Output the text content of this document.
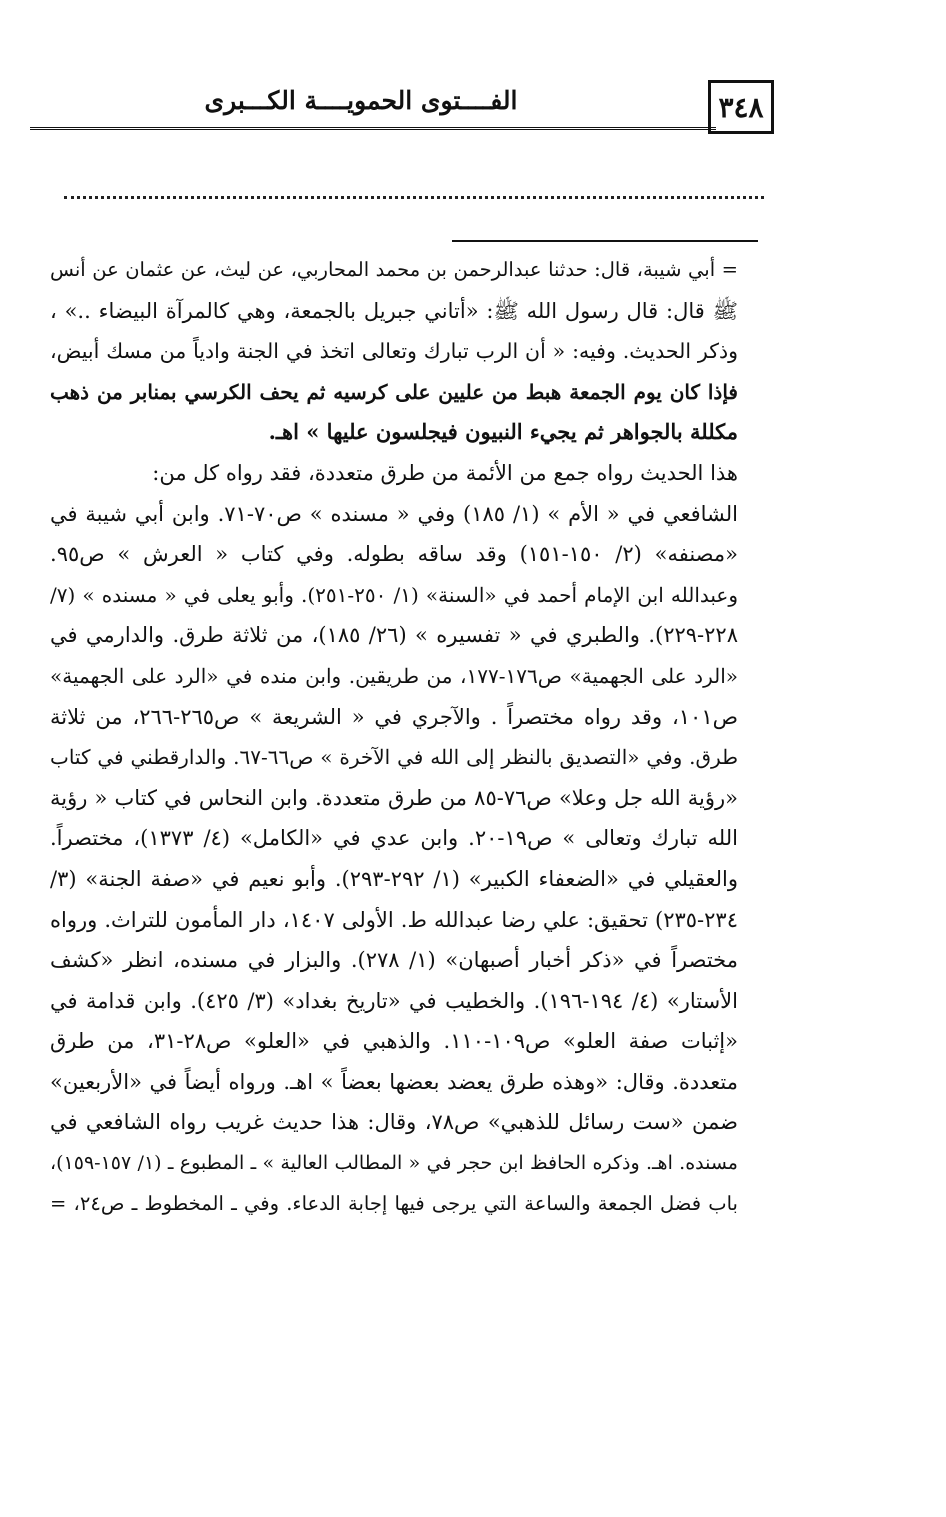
٣٤٨
الفــــتوى الحمويــــة الكـــبرى
= أبي شيبة، قال: حدثنا عبدالرحمن بن محمد المحاربي، عن ليث، عن عثمان عن أنس
ﷺ قال: قال رسول الله ﷺ: «أتاني جبريل بالجمعة، وهي كالمرآة البيضاء ..» ،
وذكر الحديث. وفيه: « أن الرب تبارك وتعالى اتخذ في الجنة وادياً من مسك أبيض،
فإذا كان يوم الجمعة هبط من عليين على كرسيه ثم يحف الكرسي بمنابر من ذهب
مكللة بالجواهر ثم يجيء النبيون فيجلسون عليها » اهـ.
هذا الحديث رواه جمع من الأئمة من طرق متعددة، فقد رواه كل من:
الشافعي في « الأم » (١/ ١٨٥) وفي « مسنده » ص٧٠-٧١. وابن أبي شيبة في
«مصنفه» (٢/ ١٥٠-١٥١) وقد ساقه بطوله. وفي كتاب « العرش » ص٩٥.
وعبدالله ابن الإمام أحمد في «السنة» (١/ ٢٥٠-٢٥١). وأبو يعلى في « مسنده » (٧/
٢٢٨-٢٢٩). والطبري في « تفسيره » (٢٦/ ١٨٥)، من ثلاثة طرق. والدارمي في
«الرد على الجهمية» ص١٧٦-١٧٧، من طريقين. وابن منده في «الرد على الجهمية»
ص١٠١، وقد رواه مختصراً . والآجري في « الشريعة » ص٢٦٥-٢٦٦، من ثلاثة
طرق. وفي «التصديق بالنظر إلى الله في الآخرة » ص٦٦-٦٧. والدارقطني في كتاب
«رؤية الله جل وعلا» ص٧٦-٨٥ من طرق متعددة. وابن النحاس في كتاب « رؤية
الله تبارك وتعالى » ص١٩-٢٠. وابن عدي في «الكامل» (٤/ ١٣٧٣)، مختصراً.
والعقيلي في «الضعفاء الكبير» (١/ ٢٩٢-٢٩٣). وأبو نعيم في «صفة الجنة» (٣/
٢٣٤-٢٣٥) تحقيق: علي رضا عبدالله ط. الأولى ١٤٠٧، دار المأمون للتراث. ورواه
مختصراً في «ذكر أخبار أصبهان» (١/ ٢٧٨). والبزار في مسنده، انظر «كشف
الأستار» (٤/ ١٩٤-١٩٦). والخطيب في «تاريخ بغداد» (٣/ ٤٢٥). وابن قدامة في
«إثبات صفة العلو» ص١٠٩-١١٠. والذهبي في «العلو» ص٢٨-٣١، من طرق
متعددة. وقال: «وهذه طرق يعضد بعضها بعضاً » اهـ. ورواه أيضاً في «الأربعين»
ضمن «ست رسائل للذهبي» ص٧٨، وقال: هذا حديث غريب رواه الشافعي في
مسنده. اهـ. وذكره الحافظ ابن حجر في « المطالب العالية » ـ المطبوع ـ (١/ ١٥٧-١٥٩)،
باب فضل الجمعة والساعة التي يرجى فيها إجابة الدعاء. وفي ـ المخطوط ـ ص٢٤، =
